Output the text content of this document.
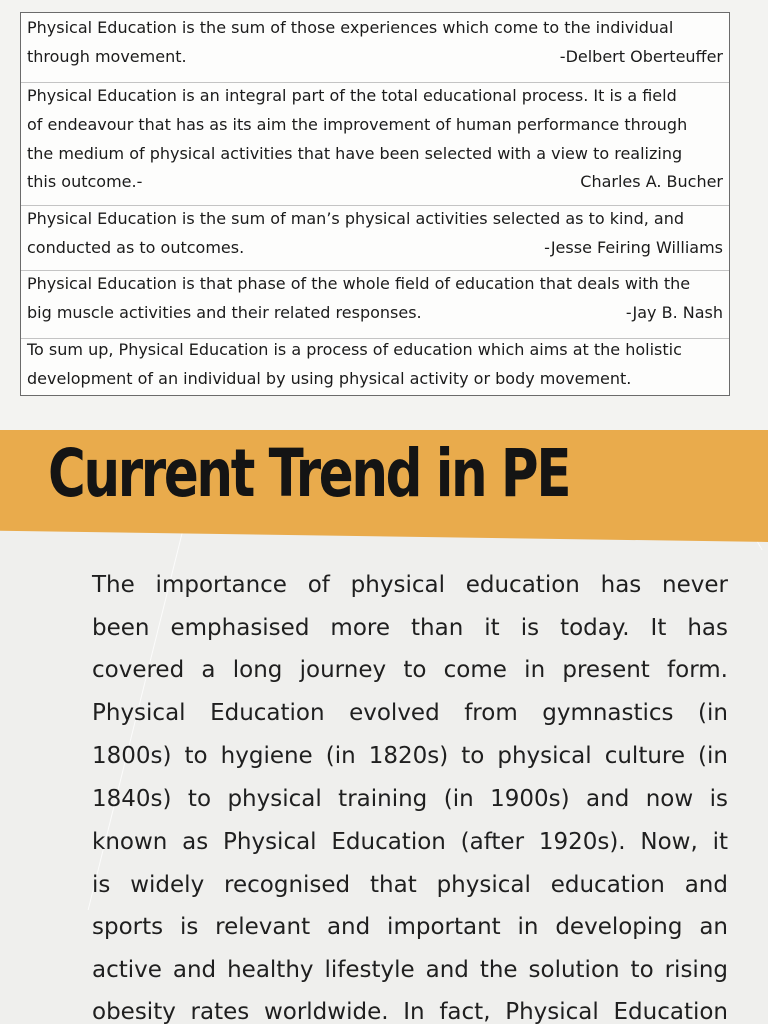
Physical Education is the sum of those experiences which come to the individual
through movement.	-Delbert Oberteuffer
Physical Education is an integral part of the total educational process. It is a field
of endeavour that has as its aim the improvement of human performance through
the medium of physical activities that have been selected with a view to realizing
this outcome.-	Charles A. Bucher
Physical Education is the sum of man’s physical activities selected as to kind, and
conducted as to outcomes.	-Jesse Feiring Williams
Physical Education is that phase of the whole field of education that deals with the
big muscle activities and their related responses.	-Jay B. Nash
To sum up, Physical Education is a process of education which aims at the holistic
development of an individual by using physical activity or body movement.
Current Trend in PE
The importance of physical education has never
been emphasised more than it is today. It has
covered a long journey to come in present form.
Physical Education evolved from gymnastics (in
1800s) to hygiene (in 1820s) to physical culture (in
1840s) to physical training (in 1900s) and now is
known as Physical Education (after 1920s). Now, it
is widely recognised that physical education and
sports is relevant and important in developing an
active and healthy lifestyle and the solution to rising
obesity rates worldwide. In fact, Physical Education
